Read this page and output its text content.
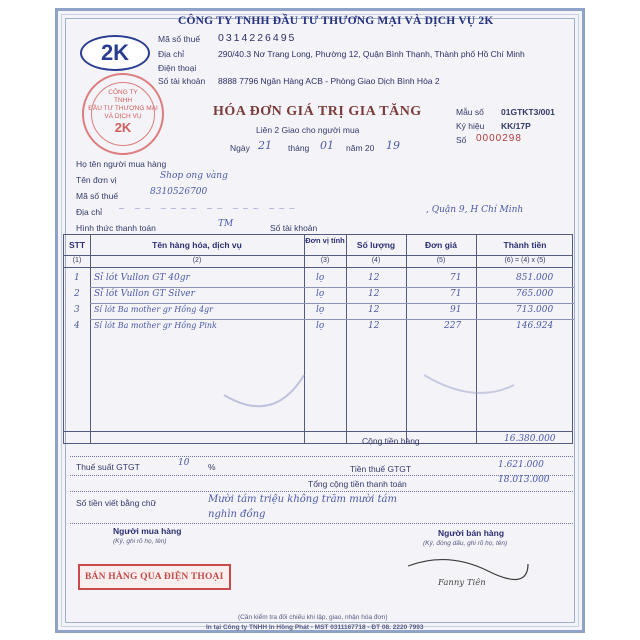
CÔNG TY TNHH ĐẦU TƯ THƯƠNG MẠI VÀ DỊCH VỤ 2K
2K
Mã số thuế 0314226495
Địa chỉ	290/40.3 Nơ Trang Long, Phường 12, Quận Bình Thạnh, Thành phố Hồ Chí Minh
Điện thoại
Số tài khoản 8888 7796 Ngân Hàng ACB - Phòng Giao Dịch Bình Hòa 2
CÔNG TY
TNHH
ĐẦU TƯ THƯƠNG MẠI
VÀ DỊCH VỤ
2K
HÓA ĐƠN GIÁ TRỊ GIA TĂNG
Liên 2 Giao cho người mua
Ngày 21 tháng 01 năm 20 19
Mẫu số 01GTKT3/001
Ký hiệu KK/17P
Số 0000298
Họ tên người mua hàng
Tên đơn vị	Shop ong vàng
Mã số thuế	8310526700
Địa chỉ ~ ~~ ~~~~ ~~ ~~~ ~~~	, Quận 9, H Chí Minh
Hình thức thanh toán	TM	Số tài khoản
STT	Tên hàng hóa, dịch vụ	Đơn vị tính	Số lượng	Đơn giá	Thành tiền
(1)	(2)	(3)	(4)	(5)	(6) = (4) x (5)
1 Sỉ lót Vullon GT 40gr	lọ	12	71	851.000
2 Sỉ lót Vullon GT Silver	lọ	12	71	765.000
3 Sỉ lót Ba mother gr Hồng 4gr	lọ	12	91	713.000
4 Sỉ lót Ba mother gr Hồng Pink	lọ	12	227	146.924
Cộng tiền hàng	16.380.000
Thuế suất GTGT	10 %	Tiền thuế GTGT	1.621.000
Tổng cộng tiền thanh toán	18.013.000
Số tiền viết bằng chữ	Mười tám triệu không trăm mười tám
nghìn đồng
Người mua hàng
(Ký, ghi rõ họ, tên)
Người bán hàng
(Ký, đóng dấu, ghi rõ họ, tên)
Fanny Tiên
BÁN HÀNG QUA ĐIỆN THOẠI
(Cần kiểm tra đối chiếu khi lập, giao, nhận hóa đơn)
In tại Công ty TNHH In Hồng Phát - MST 0311167718 - ĐT 08. 2220 7993
